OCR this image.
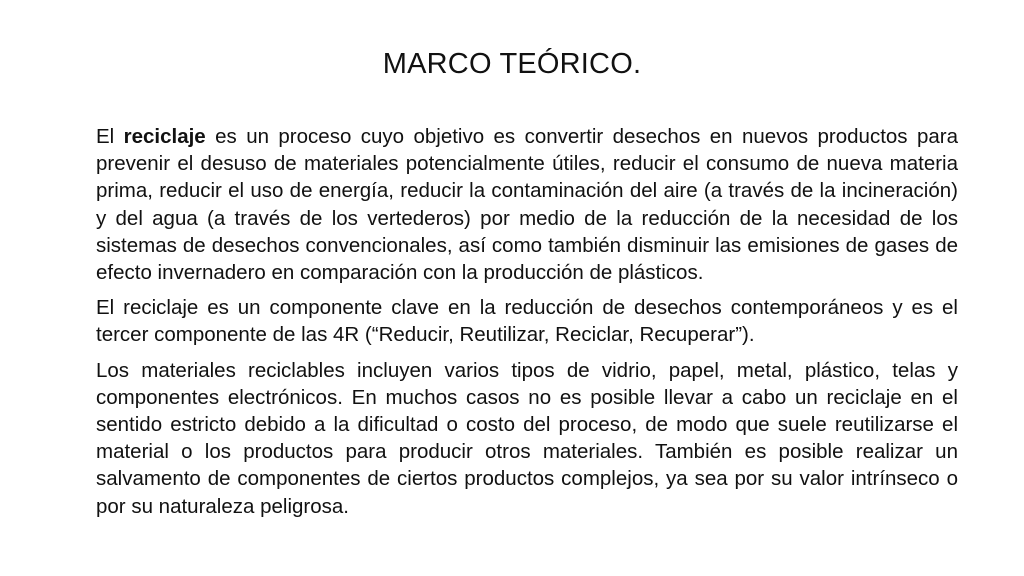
MARCO TEÓRICO.

El reciclaje es un proceso cuyo objetivo es convertir desechos en nuevos productos para prevenir el desuso de materiales potencialmente útiles, reducir el consumo de nueva materia prima, reducir el uso de energía, reducir la contaminación del aire (a través de la incineración) y del agua (a través de los vertederos) por medio de la reducción de la necesidad de los sistemas de desechos convencionales, así como también disminuir las emisiones de gases de efecto invernadero en comparación con la producción de plásticos.

El reciclaje es un componente clave en la reducción de desechos contemporáneos y es el tercer componente de las 4R (“Reducir, Reutilizar, Reciclar, Recuperar”).

Los materiales reciclables incluyen varios tipos de vidrio, papel, metal, plástico, telas y componentes electrónicos. En muchos casos no es posible llevar a cabo un reciclaje en el sentido estricto debido a la dificultad o costo del proceso, de modo que suele reutilizarse el material o los productos para producir otros materiales. También es posible realizar un salvamento de componentes de ciertos productos complejos, ya sea por su valor intrínseco o por su naturaleza peligrosa.
